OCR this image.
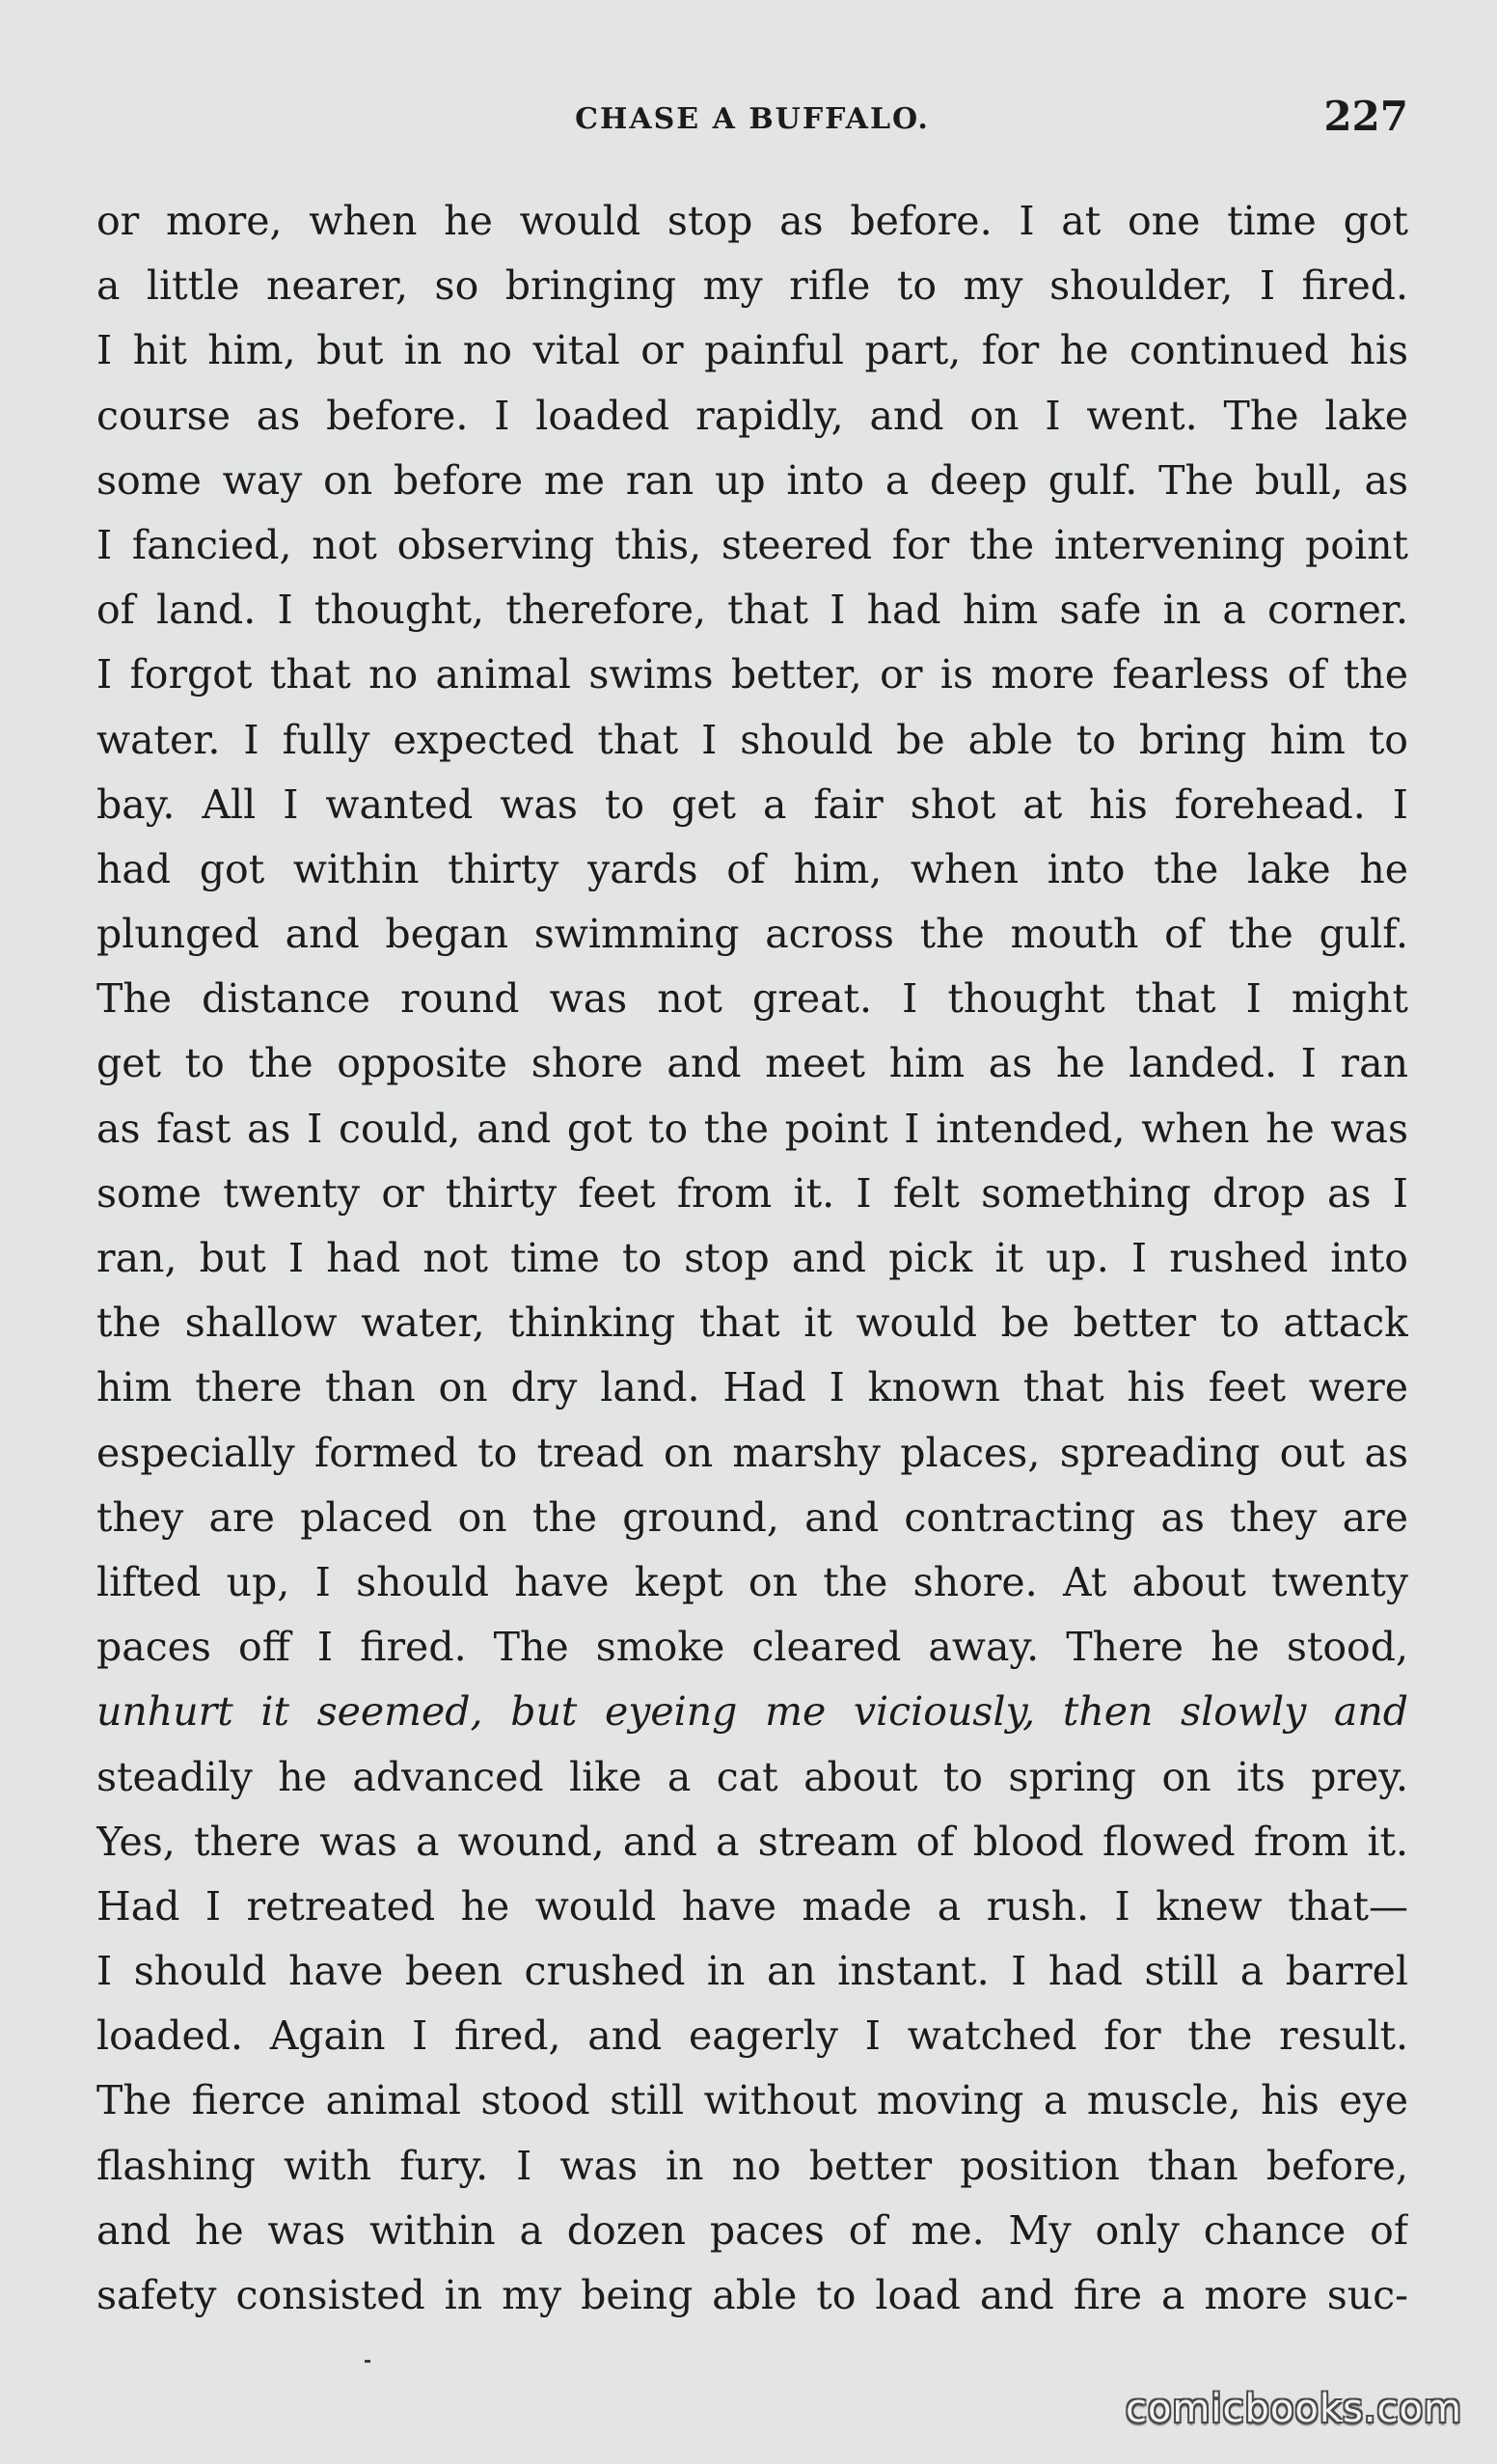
CHASE A BUFFALO.	227
or more, when he would stop as before. I at one time got
a little nearer, so bringing my rifle to my shoulder, I fired.
I hit him, but in no vital or painful part, for he continued his
course as before. I loaded rapidly, and on I went. The lake
some way on before me ran up into a deep gulf. The bull, as
I fancied, not observing this, steered for the intervening point
of land. I thought, therefore, that I had him safe in a corner.
I forgot that no animal swims better, or is more fearless of the
water. I fully expected that I should be able to bring him to
bay. All I wanted was to get a fair shot at his forehead. I
had got within thirty yards of him, when into the lake he
plunged and began swimming across the mouth of the gulf.
The distance round was not great. I thought that I might
get to the opposite shore and meet him as he landed. I ran
as fast as I could, and got to the point I intended, when he was
some twenty or thirty feet from it. I felt something drop as I
ran, but I had not time to stop and pick it up. I rushed into
the shallow water, thinking that it would be better to attack
him there than on dry land. Had I known that his feet were
especially formed to tread on marshy places, spreading out as
they are placed on the ground, and contracting as they are
lifted up, I should have kept on the shore. At about twenty
paces off I fired. The smoke cleared away. There he stood,
unhurt it seemed, but eyeing me viciously, then slowly and
steadily he advanced like a cat about to spring on its prey.
Yes, there was a wound, and a stream of blood flowed from it.
Had I retreated he would have made a rush. I knew that—
I should have been crushed in an instant. I had still a barrel
loaded. Again I fired, and eagerly I watched for the result.
The fierce animal stood still without moving a muscle, his eye
flashing with fury. I was in no better position than before,
and he was within a dozen paces of me. My only chance of
safety consisted in my being able to load and fire a more suc-
comicbooks.com
